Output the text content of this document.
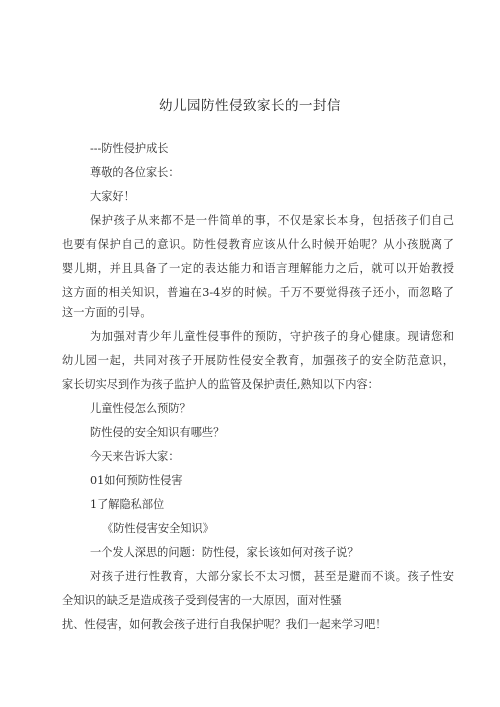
幼儿园防性侵致家长的一封信
---防性侵护成长
尊敬的各位家长：
大家好！
保护孩子从来都不是一件简单的事，不仅是家长本身，包括孩子们自己
也要有保护自己的意识。防性侵教育应该从什么时候开始呢？从小孩脱离了
婴儿期，并且具备了一定的表达能力和语言理解能力之后，就可以开始教授
这方面的相关知识，普遍在3-4岁的时候。千万不要觉得孩子还小，而忽略了
这一方面的引导。
为加强对青少年儿童性侵事件的预防，守护孩子的身心健康。现请您和
幼儿园一起，共同对孩子开展防性侵安全教育，加强孩子的安全防范意识，
家长切实尽到作为孩子监护人的监管及保护责任,熟知以下内容：
儿童性侵怎么预防？
防性侵的安全知识有哪些？
今天来告诉大家：
01如何预防性侵害
1了解隐私部位
《防性侵害安全知识》
一个发人深思的问题：防性侵，家长该如何对孩子说？
对孩子进行性教育，大部分家长不太习惯，甚至是避而不谈。孩子性安
全知识的缺乏是造成孩子受到侵害的一大原因，面对性骚
扰、性侵害，如何教会孩子进行自我保护呢？我们一起来学习吧！
